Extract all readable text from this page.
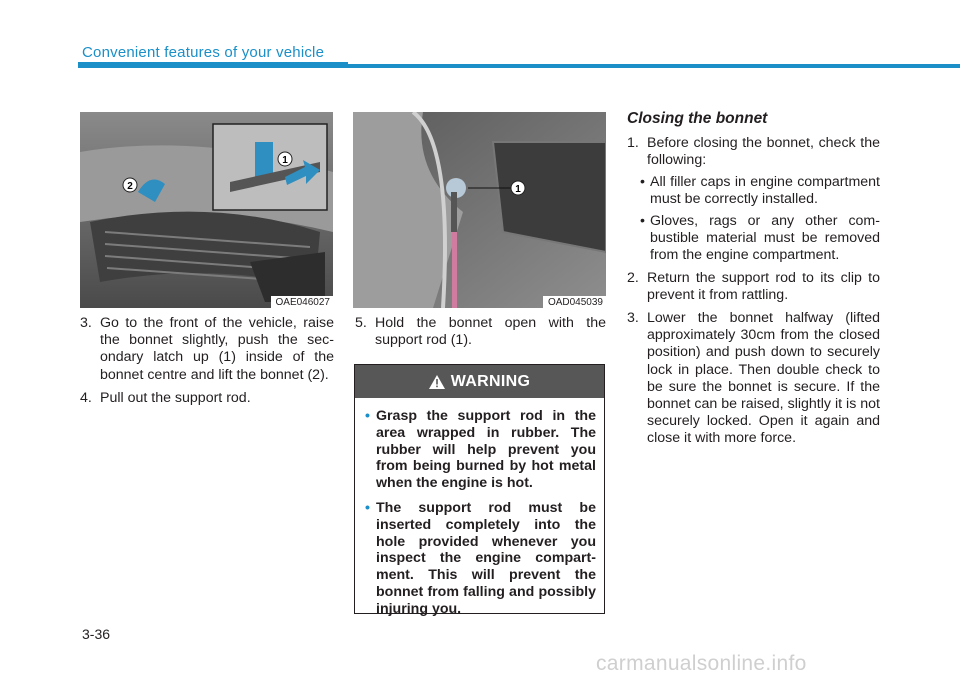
Convenient features of your vehicle
1
2
OAE046027
1
OAD045039
3. Go to the front of the vehicle, raise the bonnet slightly, push the secondary latch up (1) inside of the bonnet centre and lift the bonnet (2).
4. Pull out the support rod.
5. Hold the bonnet open with the support rod (1).
WARNING
• Grasp the support rod in the area wrapped in rubber. The rubber will help prevent you from being burned by hot metal when the engine is hot.
• The support rod must be inserted completely into the hole provided whenever you inspect the engine compartment. This will prevent the bonnet from falling and possibly injuring you.
Closing the bonnet
1. Before closing the bonnet, check the following:
• All filler caps in engine compartment must be correctly installed.
• Gloves, rags or any other combustible material must be removed from the engine compartment.
2. Return the support rod to its clip to prevent it from rattling.
3. Lower the bonnet halfway (lifted approximately 30cm from the closed position) and push down to securely lock in place. Then double check to be sure the bonnet is secure. If the bonnet can be raised, slightly it is not securely locked. Open it again and close it with more force.
3-36
carmanualsonline.info
